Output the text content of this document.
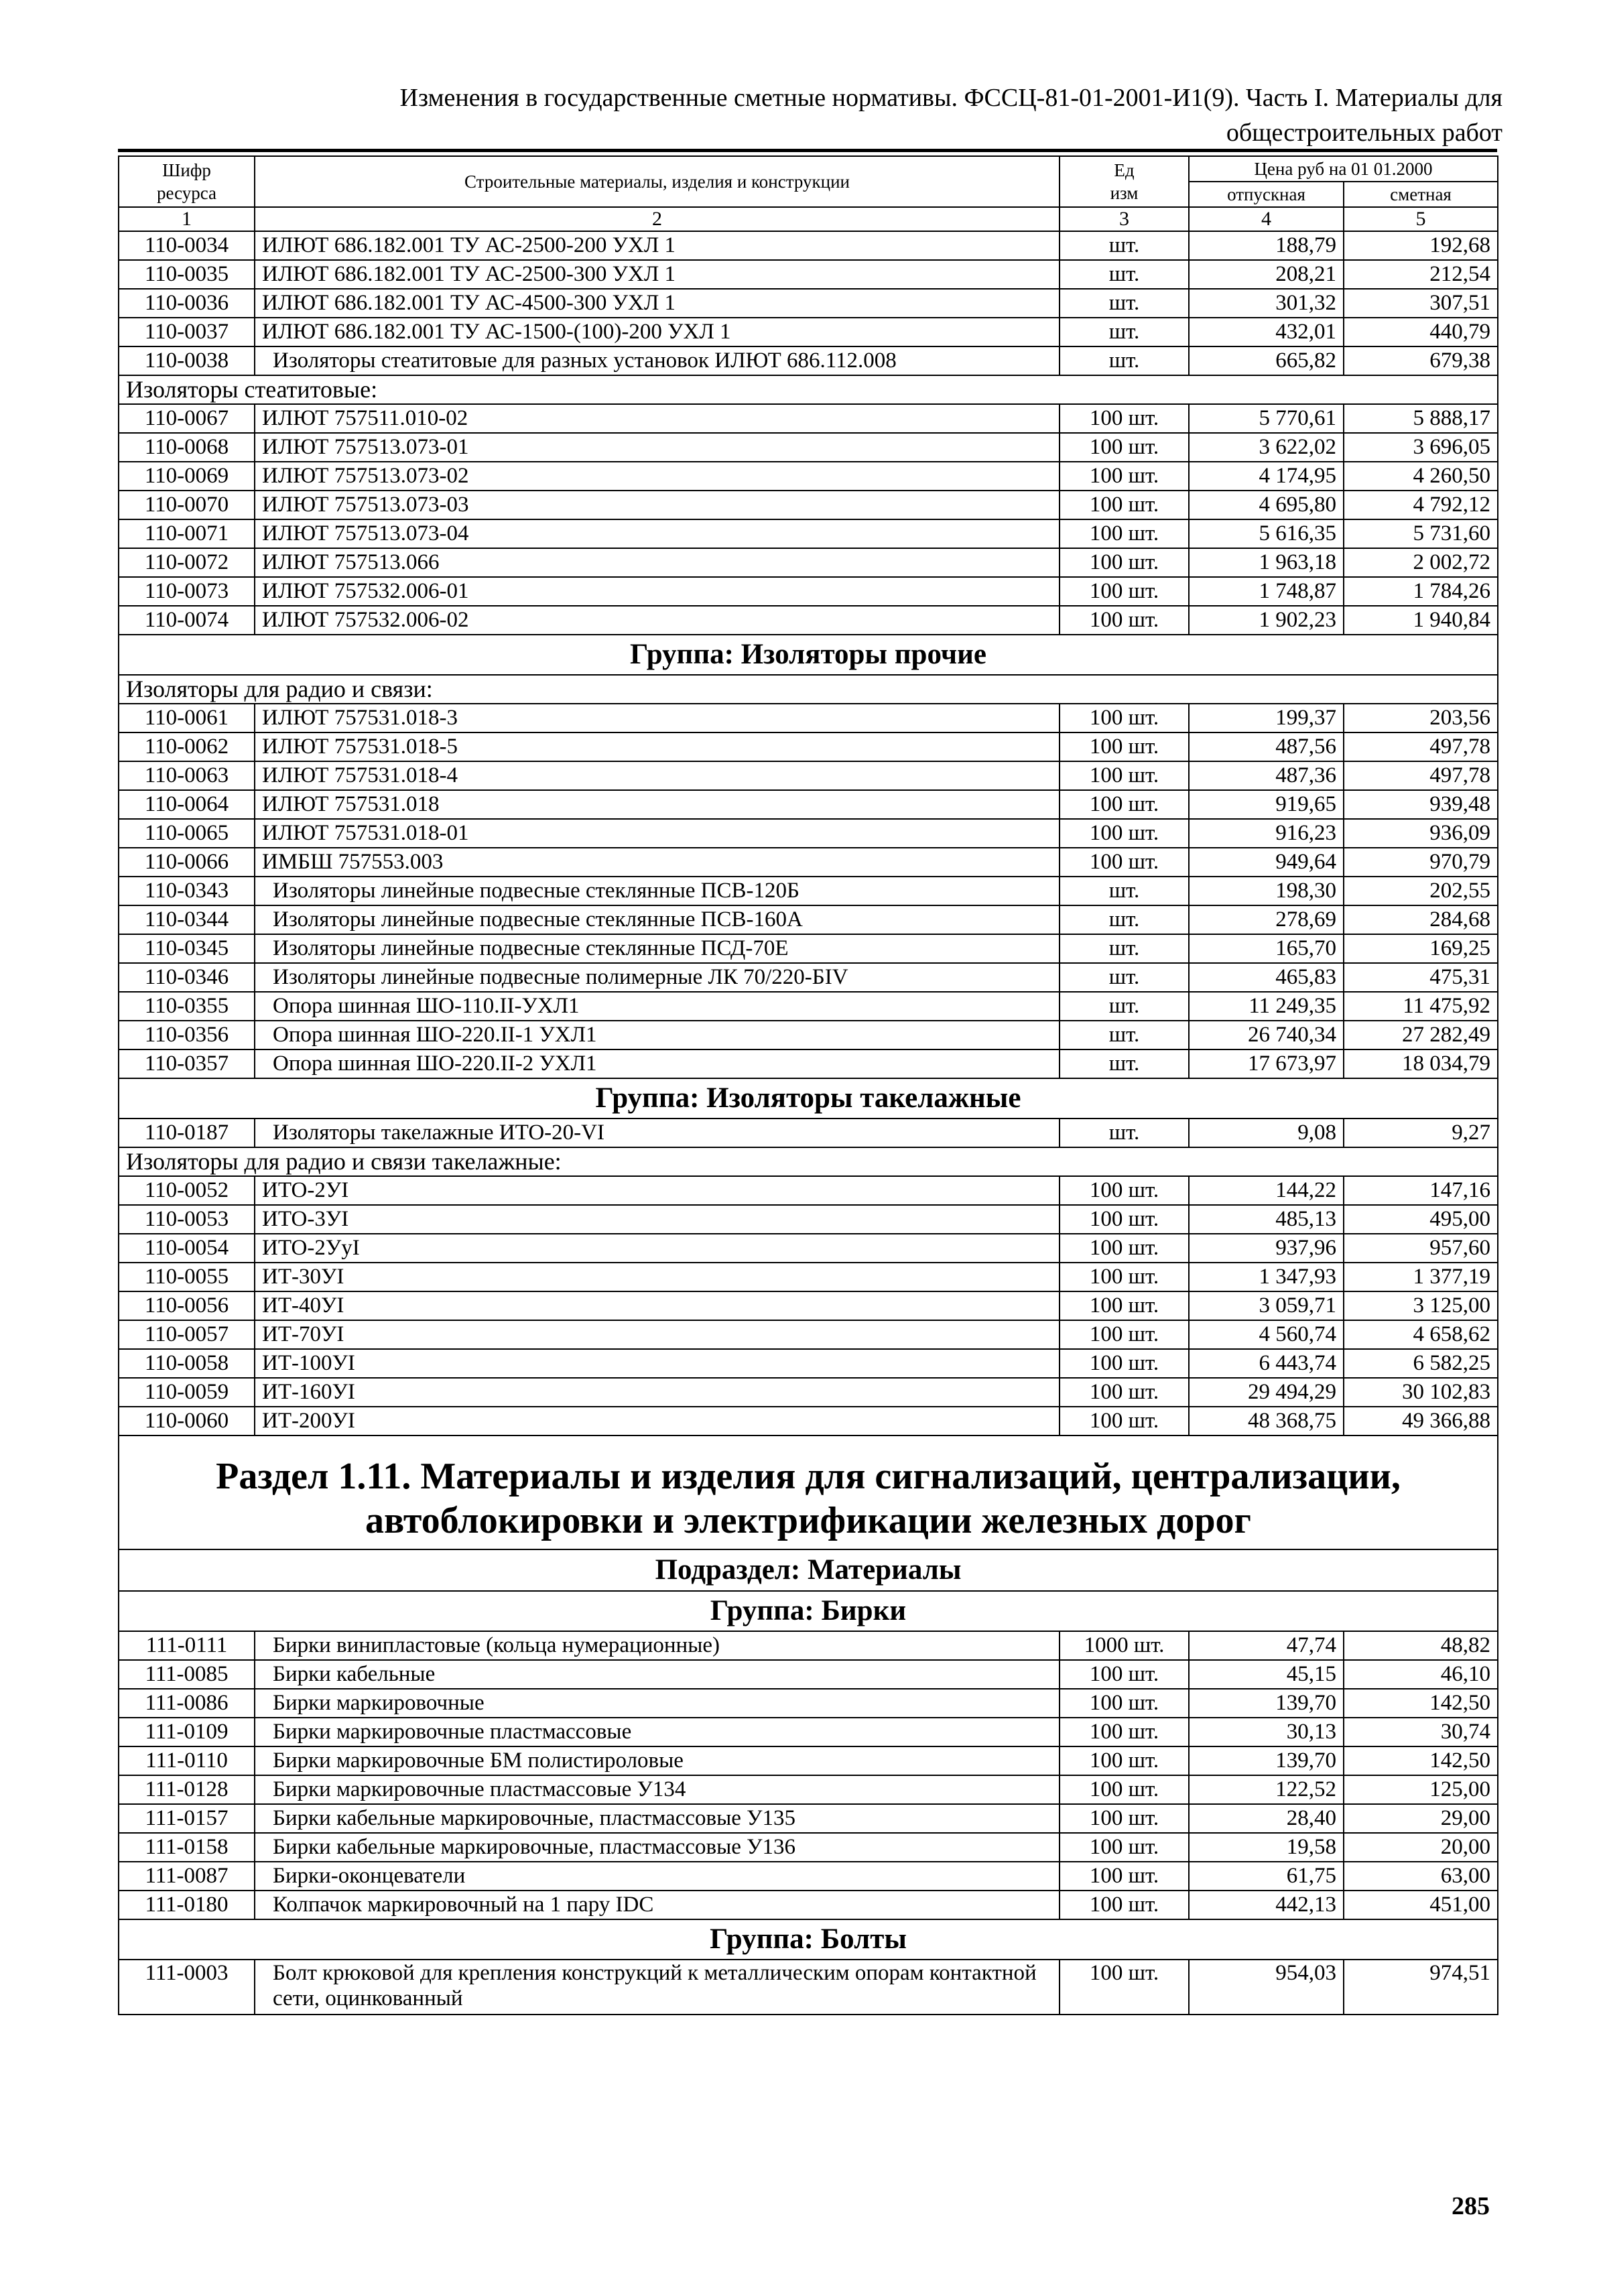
Изменения в государственные сметные нормативы. ФССЦ-81-01-2001-И1(9). Часть I. Материалы для
общестроительных работ
Шифр ресурса	Строительные материалы, изделия и конструкции	Ед изм	Цена руб на 01 01.2000	
			отпускная	сметная
1	2	3	4	5
110-0034	ИЛЮТ 686.182.001 ТУ АС-2500-200 УХЛ 1	шт.	188,79	192,68
110-0035	ИЛЮТ 686.182.001 ТУ АС-2500-300 УХЛ 1	шт.	208,21	212,54
110-0036	ИЛЮТ 686.182.001 ТУ АС-4500-300 УХЛ 1	шт.	301,32	307,51
110-0037	ИЛЮТ 686.182.001 ТУ АС-1500-(100)-200 УХЛ 1	шт.	432,01	440,79
110-0038	Изоляторы стеатитовые для разных установок ИЛЮТ 686.112.008	шт.	665,82	679,38
Изоляторы стеатитовые:				
110-0067	ИЛЮТ 757511.010-02	100 шт.	5 770,61	5 888,17
110-0068	ИЛЮТ 757513.073-01	100 шт.	3 622,02	3 696,05
110-0069	ИЛЮТ 757513.073-02	100 шт.	4 174,95	4 260,50
110-0070	ИЛЮТ 757513.073-03	100 шт.	4 695,80	4 792,12
110-0071	ИЛЮТ 757513.073-04	100 шт.	5 616,35	5 731,60
110-0072	ИЛЮТ 757513.066	100 шт.	1 963,18	2 002,72
110-0073	ИЛЮТ 757532.006-01	100 шт.	1 748,87	1 784,26
110-0074	ИЛЮТ 757532.006-02	100 шт.	1 902,23	1 940,84
Группа: Изоляторы прочие				
Изоляторы для радио и связи:				
110-0061	ИЛЮТ 757531.018-3	100 шт.	199,37	203,56
110-0062	ИЛЮТ 757531.018-5	100 шт.	487,56	497,78
110-0063	ИЛЮТ 757531.018-4	100 шт.	487,36	497,78
110-0064	ИЛЮТ 757531.018	100 шт.	919,65	939,48
110-0065	ИЛЮТ 757531.018-01	100 шт.	916,23	936,09
110-0066	ИМБШ 757553.003	100 шт.	949,64	970,79
110-0343	Изоляторы линейные подвесные стеклянные ПСВ-120Б	шт.	198,30	202,55
110-0344	Изоляторы линейные подвесные стеклянные ПСВ-160А	шт.	278,69	284,68
110-0345	Изоляторы линейные подвесные стеклянные ПСД-70Е	шт.	165,70	169,25
110-0346	Изоляторы линейные подвесные полимерные ЛК 70/220-БIV	шт.	465,83	475,31
110-0355	Опора шинная ШО-110.II-УХЛ1	шт.	11 249,35	11 475,92
110-0356	Опора шинная ШО-220.II-1 УХЛ1	шт.	26 740,34	27 282,49
110-0357	Опора шинная ШО-220.II-2 УХЛ1	шт.	17 673,97	18 034,79
Группа: Изоляторы такелажные				
110-0187	Изоляторы такелажные ИТО-20-VI	шт.	9,08	9,27
Изоляторы для радио и связи такелажные:				
110-0052	ИТО-2УI	100 шт.	144,22	147,16
110-0053	ИТО-3УI	100 шт.	485,13	495,00
110-0054	ИТО-2УуI	100 шт.	937,96	957,60
110-0055	ИТ-30УI	100 шт.	1 347,93	1 377,19
110-0056	ИТ-40УI	100 шт.	3 059,71	3 125,00
110-0057	ИТ-70УI	100 шт.	4 560,74	4 658,62
110-0058	ИТ-100УI	100 шт.	6 443,74	6 582,25
110-0059	ИТ-160УI	100 шт.	29 494,29	30 102,83
110-0060	ИТ-200УI	100 шт.	48 368,75	49 366,88
Раздел 1.11. Материалы и изделия для сигнализаций, централизации, автоблокировки и электрификации железных дорог				
Подраздел: Материалы				
Группа: Бирки				
111-0111	Бирки винипластовые (кольца нумерационные)	1000 шт.	47,74	48,82
111-0085	Бирки кабельные	100 шт.	45,15	46,10
111-0086	Бирки маркировочные	100 шт.	139,70	142,50
111-0109	Бирки маркировочные пластмассовые	100 шт.	30,13	30,74
111-0110	Бирки маркировочные БМ полистироловые	100 шт.	139,70	142,50
111-0128	Бирки маркировочные пластмассовые У134	100 шт.	122,52	125,00
111-0157	Бирки кабельные маркировочные, пластмассовые У135	100 шт.	28,40	29,00
111-0158	Бирки кабельные маркировочные, пластмассовые У136	100 шт.	19,58	20,00
111-0087	Бирки-оконцеватели	100 шт.	61,75	63,00
111-0180	Колпачок маркировочный на 1 пару IDC	100 шт.	442,13	451,00
Группа: Болты				
111-0003	Болт крюковой для крепления конструкций к металлическим опорам контактной сети, оцинкованный	100 шт.	954,03	974,51
285
